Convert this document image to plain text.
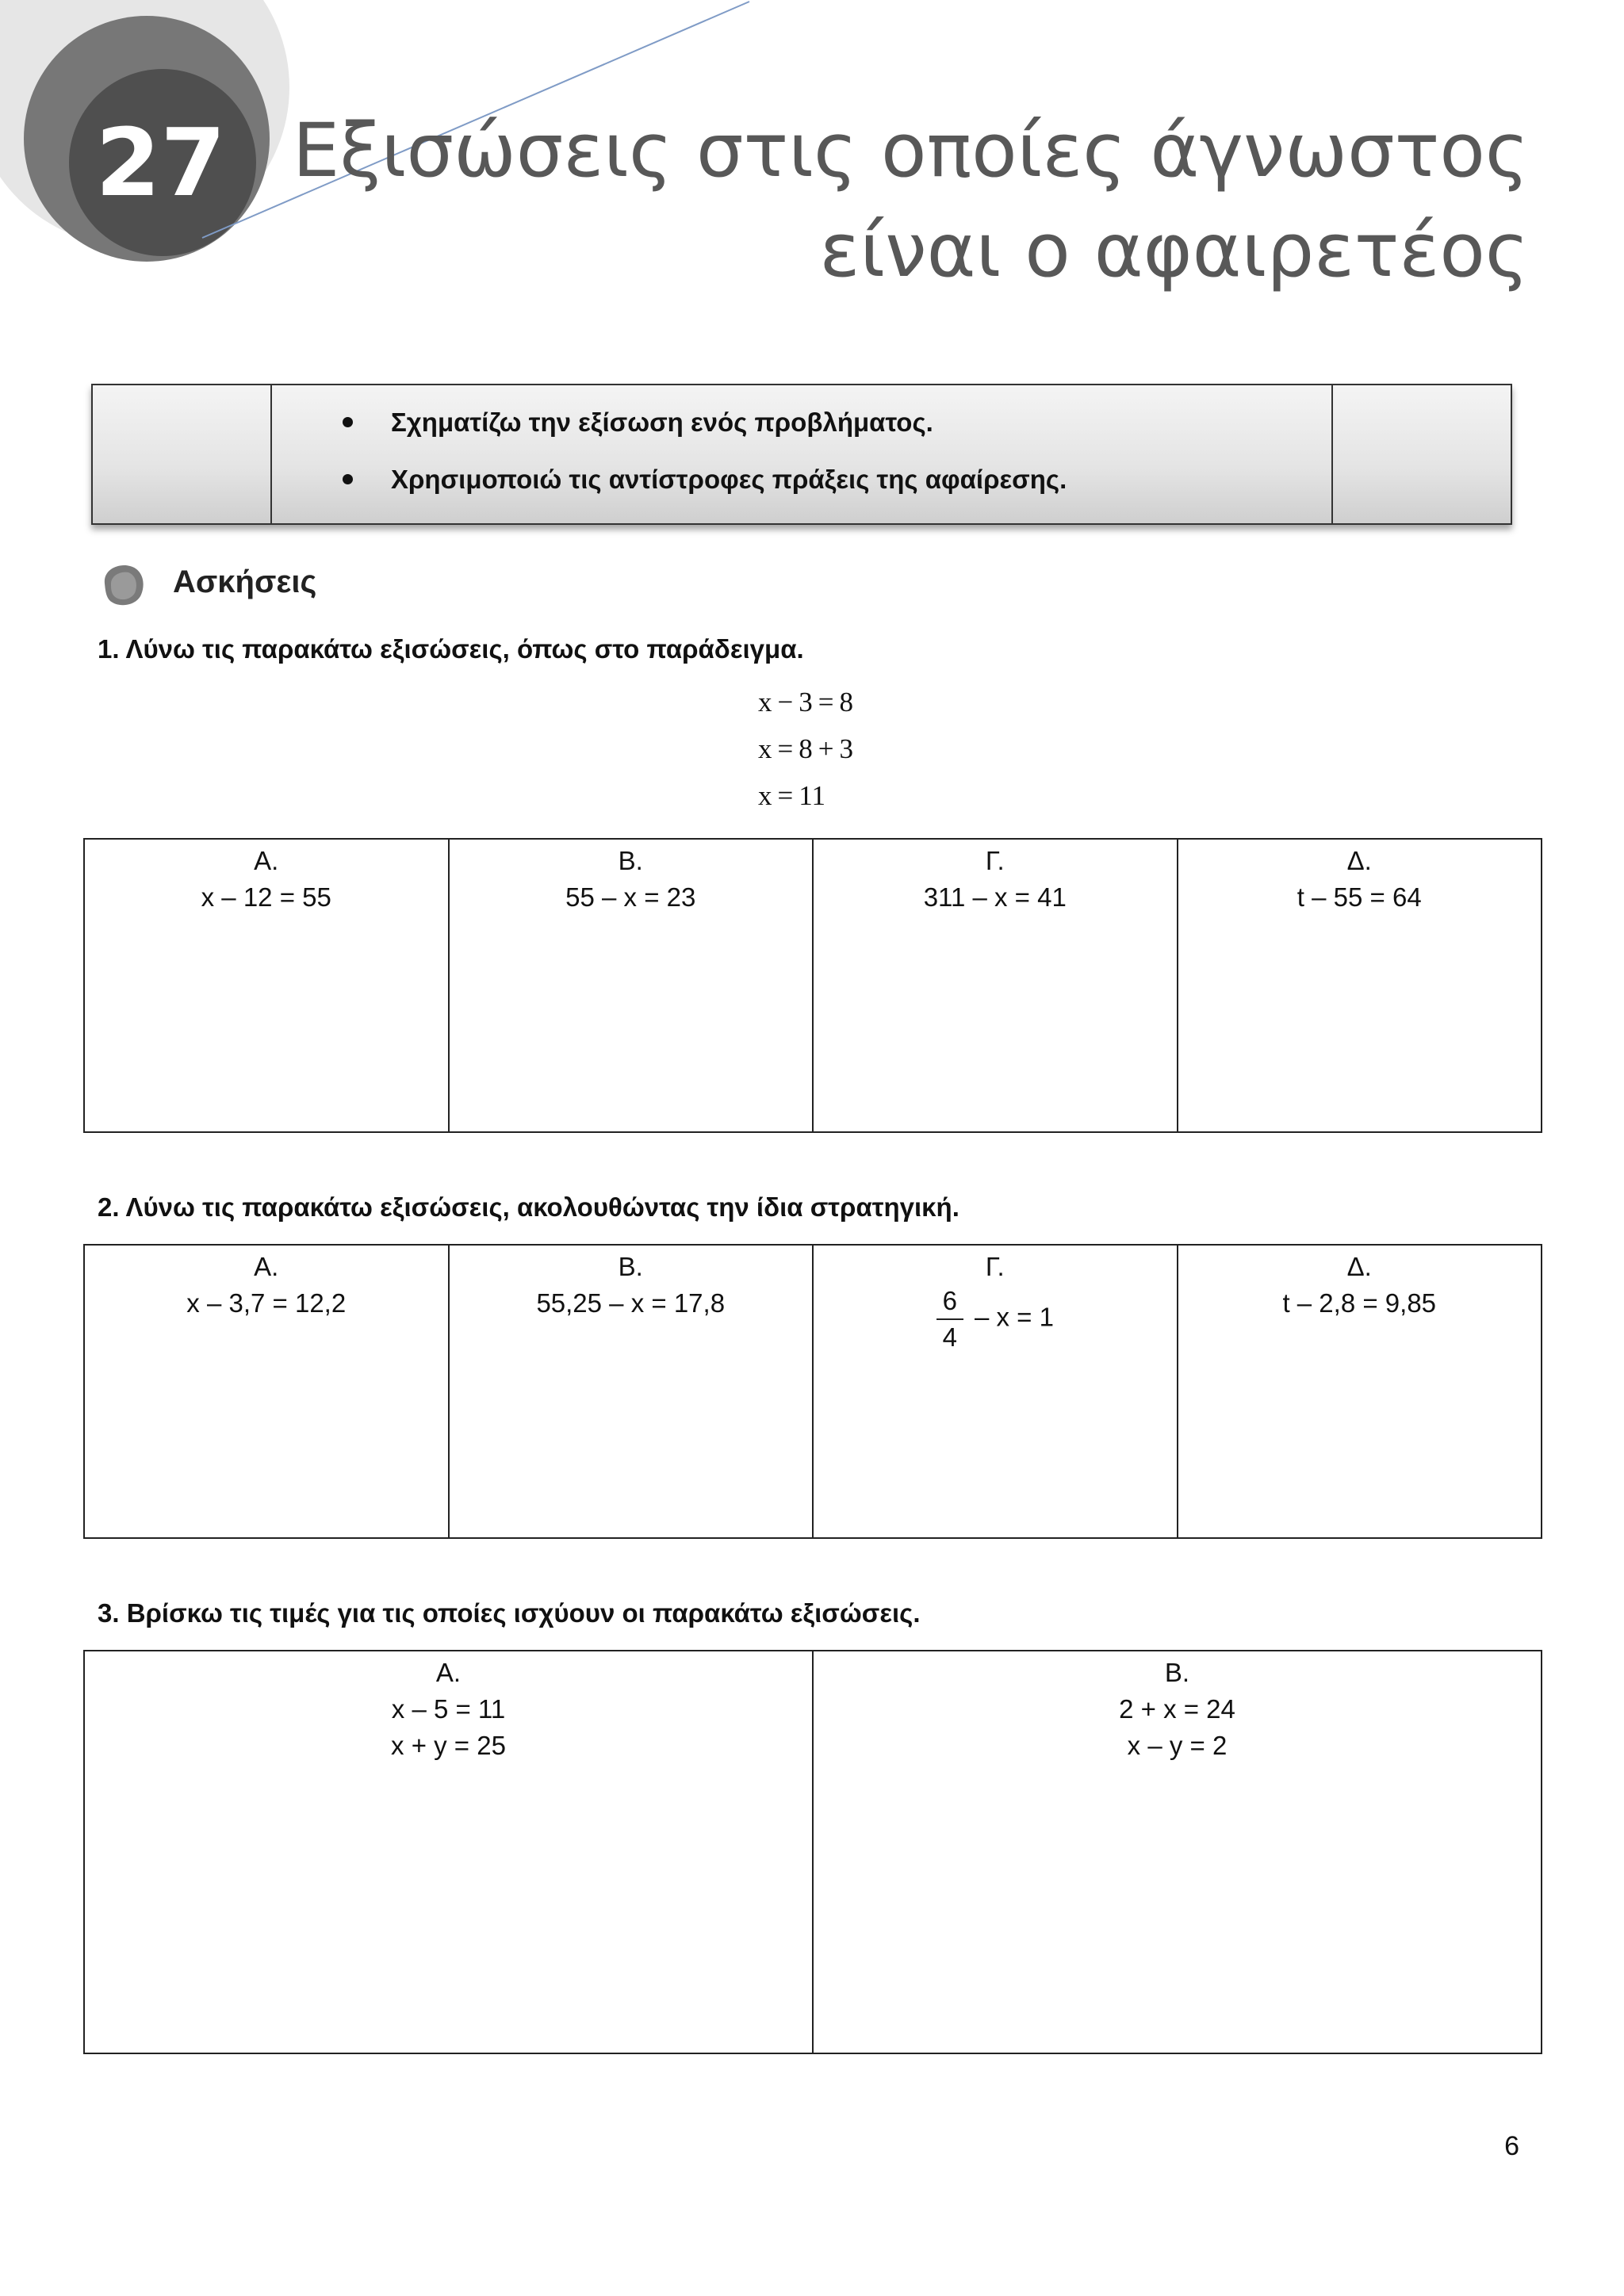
27 Εξισώσεις στις οποίες άγνωστος
είναι ο αφαιρετέος
Σχηματίζω την εξίσωση ενός προβλήματος.
Χρησιμοποιώ τις αντίστροφες πράξεις της αφαίρεσης.
Ασκήσεις
1. Λύνω τις παρακάτω εξισώσεις, όπως στο παράδειγμα.
x − 3 = 8
x = 8 + 3
x = 11
Α.
x – 12 = 55

Β.
55 – x = 23

Γ.
311 – x = 41

Δ.
t – 55 = 64
2. Λύνω τις παρακάτω εξισώσεις, ακολουθώντας την ίδια στρατηγική.
Α.
x – 3,7 = 12,2

Β.
55,25 – x = 17,8

Γ.
$\frac{6}{4} - x = 1$

Δ.
t – 2,8 = 9,85
3. Βρίσκω τις τιμές για τις οποίες ισχύουν οι παρακάτω εξισώσεις.
Α.
x – 5 = 11
x + y = 25

Β.
2 + x = 24
x – y = 2
6
